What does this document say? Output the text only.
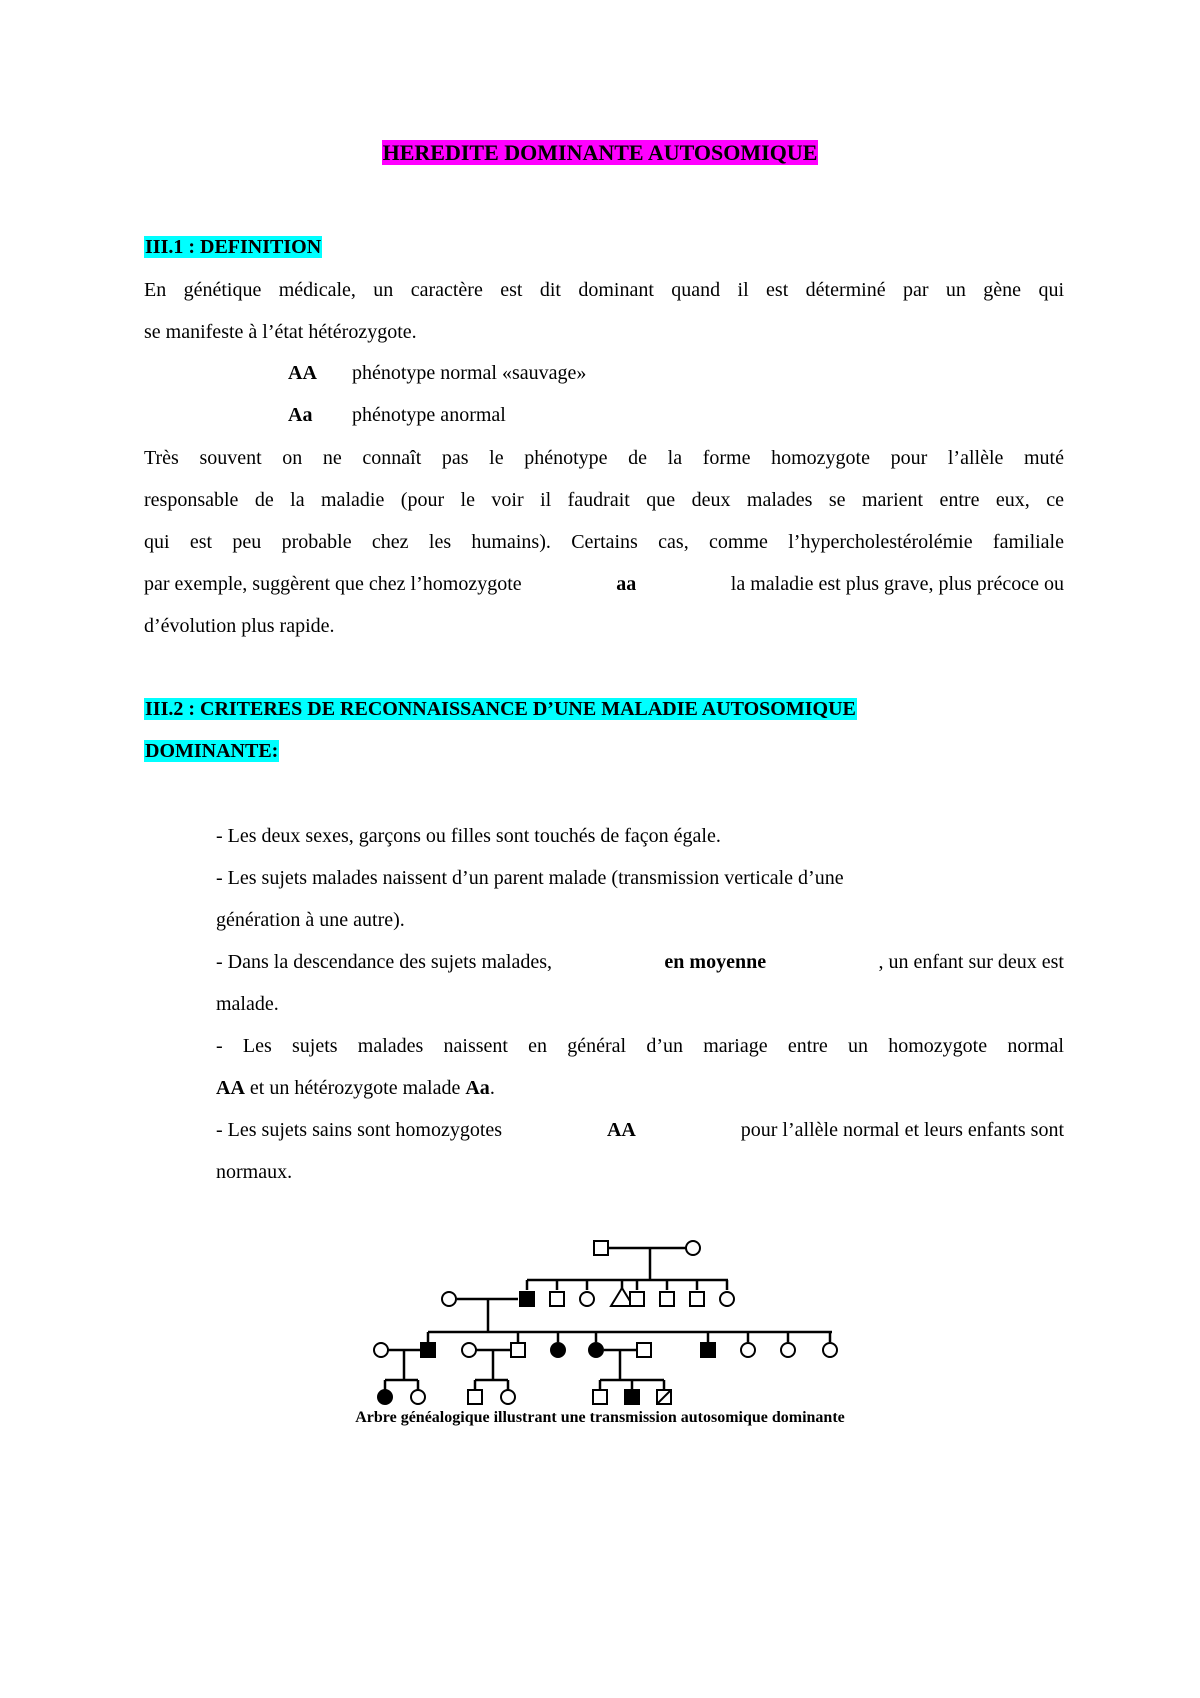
HEREDITE DOMINANTE AUTOSOMIQUE
III.1 : DEFINITION
En génétique médicale, un caractère est dit dominant quand il est déterminé par un gène qui
se manifeste à l’état hétérozygote.
AA phénotype normal «sauvage»
Aa phénotype anormal
Très souvent on ne connaît pas le phénotype de la forme homozygote pour l’allèle muté
responsable de la maladie (pour le voir il faudrait que deux malades se marient entre eux, ce
qui est peu probable chez les humains). Certains cas, comme l’hypercholestérolémie familiale
par exemple, suggèrent que chez l’homozygote	aa	la maladie est plus grave, plus précoce ou
d’évolution plus rapide.
III.2 : CRITERES DE RECONNAISSANCE D’UNE MALADIE AUTOSOMIQUE
DOMINANTE:
- Les deux sexes, garçons ou filles sont touchés de façon égale.
- Les sujets malades naissent d’un parent malade (transmission verticale d’une
génération à une autre).
- Dans la descendance des sujets malades,	en moyenne	, un enfant sur deux est
malade.
- Les sujets malades naissent en général d’un mariage entre un homozygote normal
AA et un hétérozygote malade Aa.
- Les sujets sains sont homozygotes	AA	pour l’allèle normal et leurs enfants sont
normaux.
Arbre généalogique illustrant une transmission autosomique dominante
